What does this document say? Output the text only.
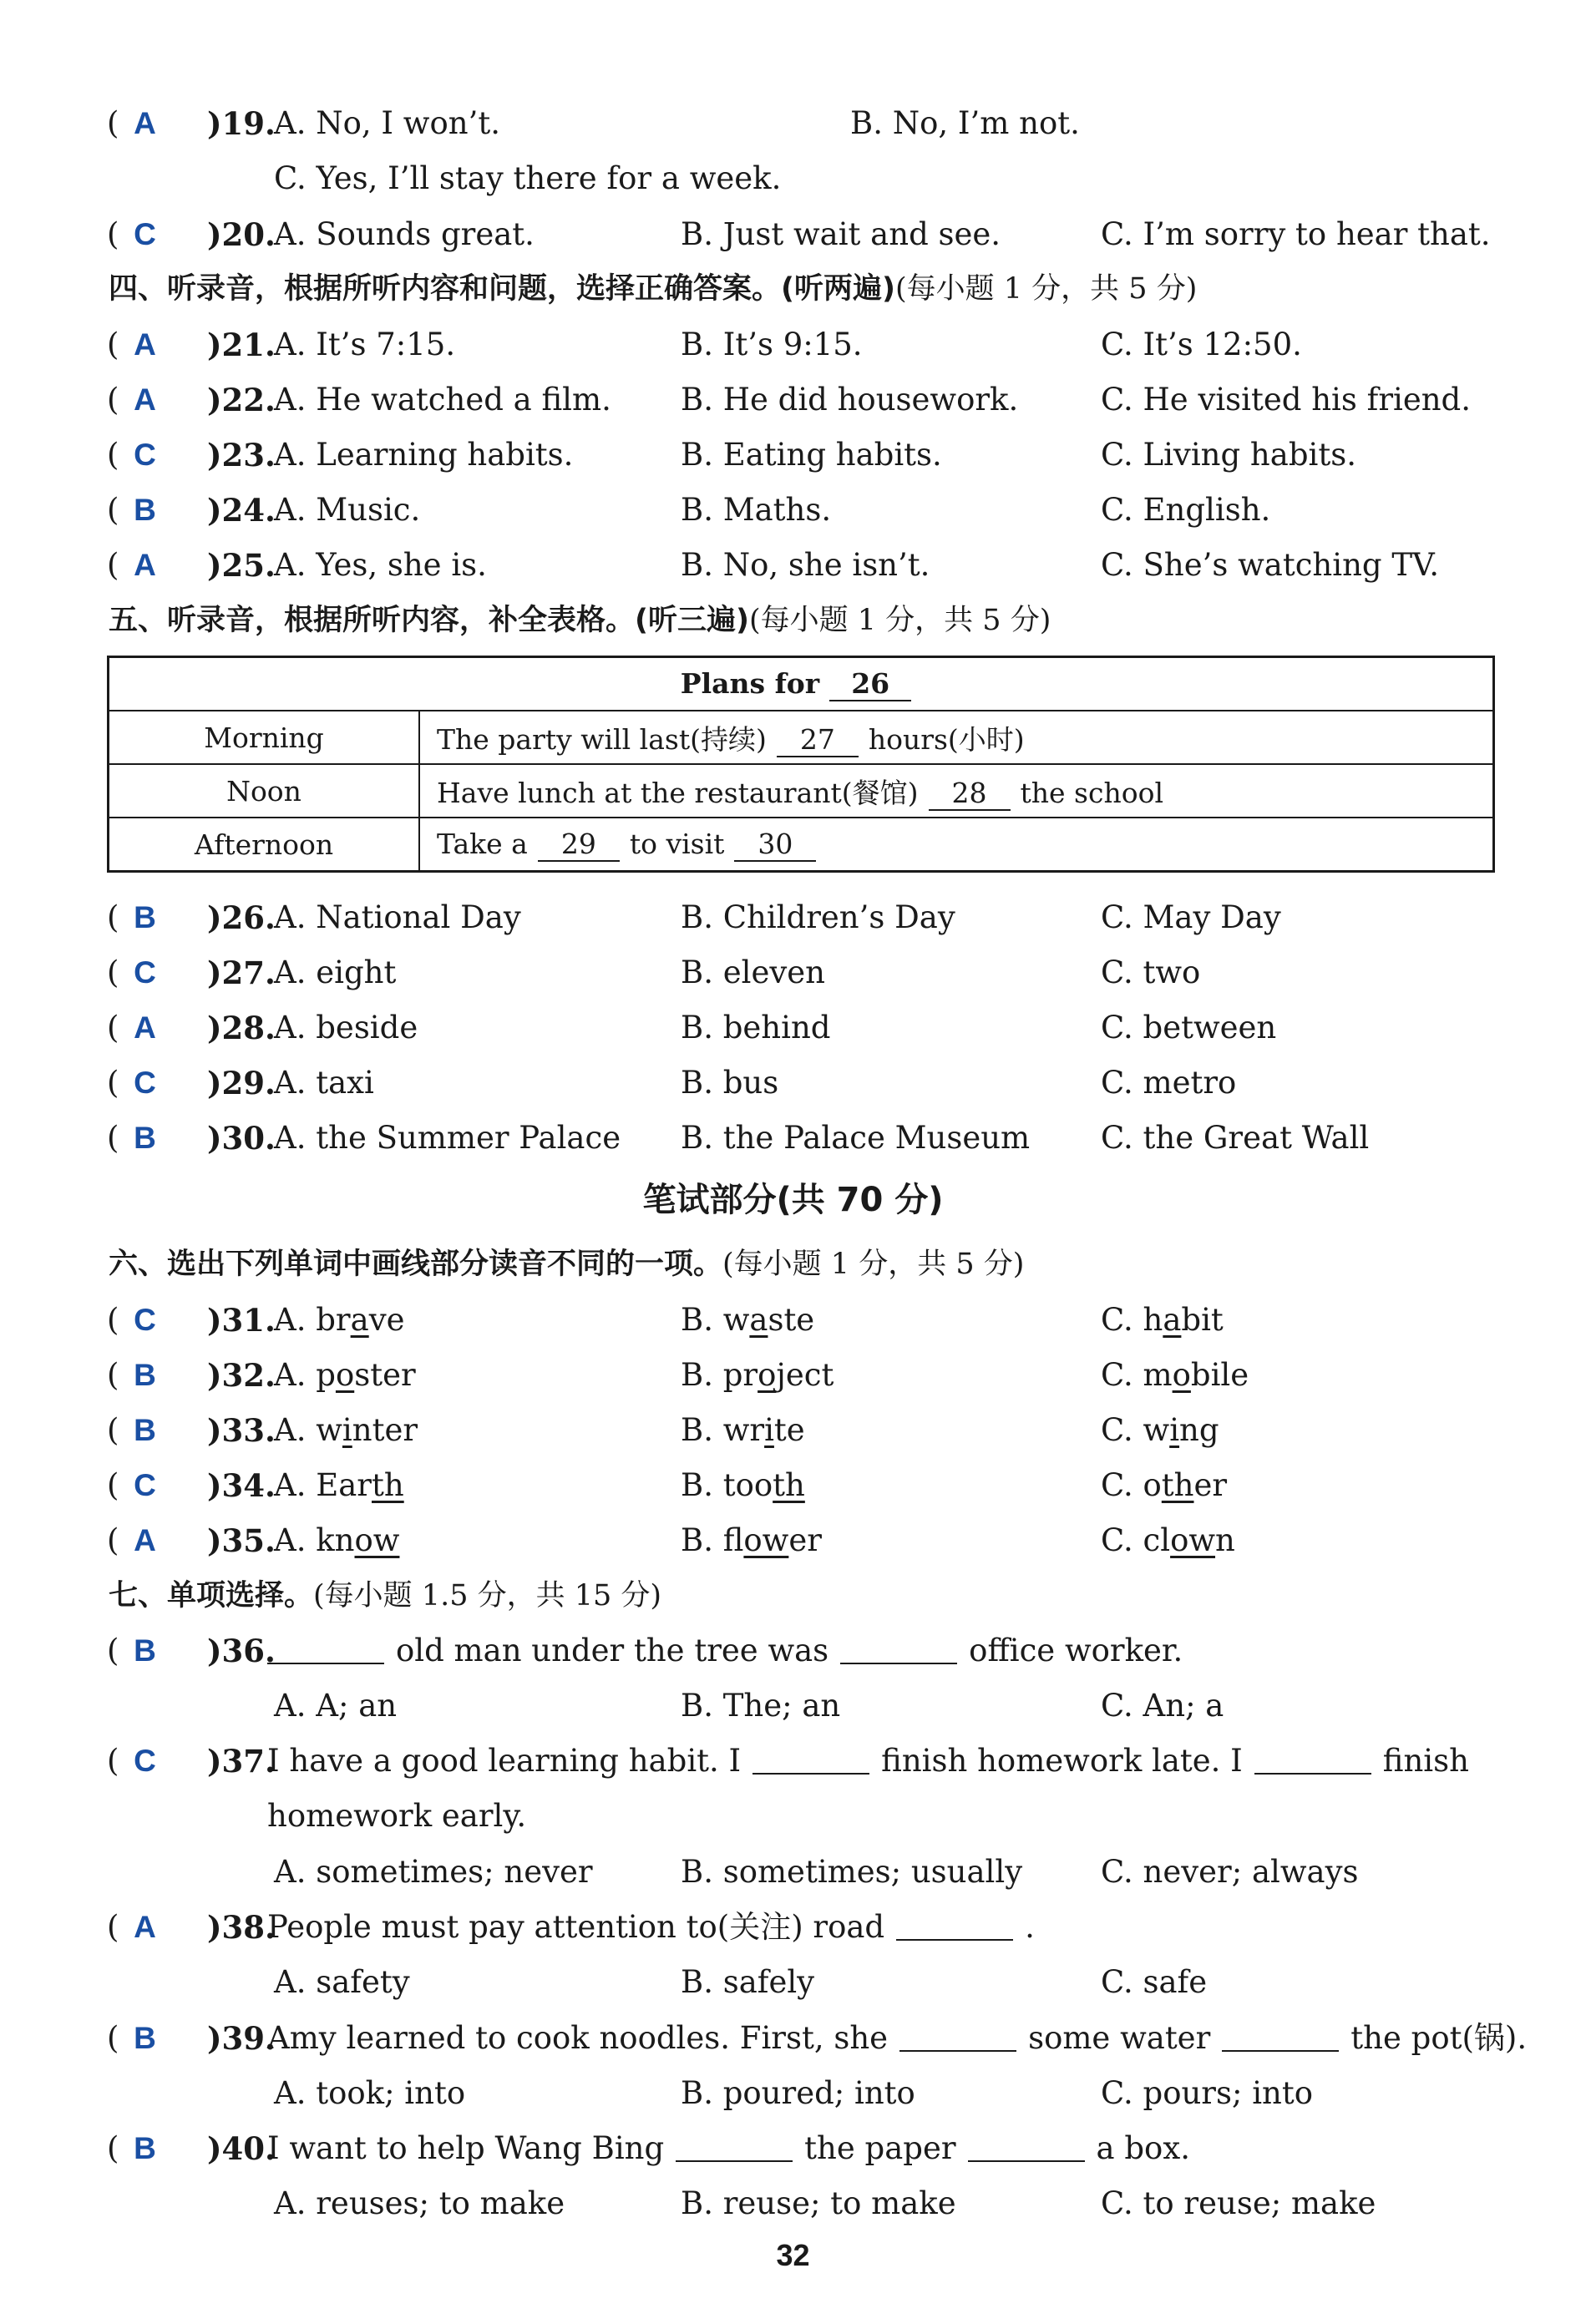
( A	)19.
A. No, I won’t.	B. No, I’m not.
C. Yes, I’ll stay there for a week.
( C	)20.
A. Sounds great.	B. Just wait and see.	C. I’m sorry to hear that.
四、听录音，根据所听内容和问题，选择正确答案。(听两遍)(每小题 1 分，共 5 分)
( A	)21.
A. It’s 7:15.	B. It’s 9:15.	C. It’s 12:50.
( A	)22.
A. He watched a film. B. He did housework.	C. He visited his friend.
( C	)23.
A. Learning habits.	B. Eating habits.	C. Living habits.
( B	)24.
A. Music.	B. Maths.	C. English.
( A	)25.
A. Yes, she is.	B. No, she isn’t.	C. She’s watching TV.
五、听录音，根据所听内容，补全表格。(听三遍)(每小题 1 分，共 5 分)
Plans for 26	
Morning	The party will last(持续) 27 hours(小时)
Noon	Have lunch at the restaurant(餐馆) 28 the school
Afternoon	Take a 29 to visit 30
( B	)26.
A. National Day	B. Children’s Day	C. May Day
( C	)27.
A. eight	B. eleven	C. two
( A	)28.
A. beside	B. behind	C. between
( C	)29.
A. taxi	B. bus	C. metro
( B	)30.
A. the Summer Palace B. the Palace Museum C. the Great Wall
笔试部分(共 70 分)
六、选出下列单词中画线部分读音不同的一项。(每小题 1 分，共 5 分)
( C	)31.
A. brave	B. waste	C. habit
( B	)32.
A. poster	B. project	C. mobile
( B	)33.
A. winter	B. write	C. wing
( C	)34.
A. Earth	B. tooth	C. other
( A	)35.
A. know	B. flower	C. clown
七、单项选择。(每小题 1.5 分，共 15 分)
( B	)36.	old man under the tree was	office worker.
A. A; an	B. The; an	C. An; a
( C	)37.
I have a good learning habit. I	finish homework late. I	finish
homework early.
A. sometimes; never	B. sometimes; usually	C. never; always
( A	)38.
People must pay attention to(关注) road	.
A. safety	B. safely	C. safe
( B	)39.
Amy learned to cook noodles. First, she	some water	the pot(锅).
A. took; into	B. poured; into	C. pours; into
( B	)40.
I want to help Wang Bing	the paper	a box.
A. reuses; to make	B. reuse; to make	C. to reuse; make
32
